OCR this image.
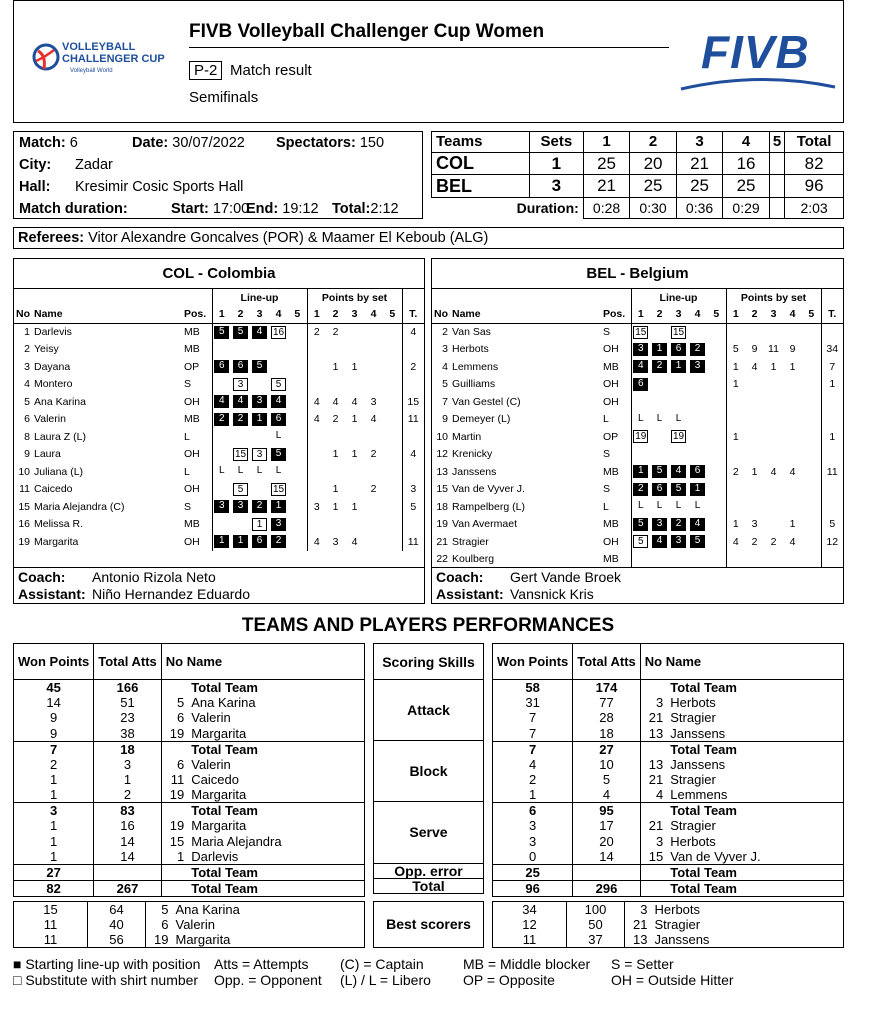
VOLLEYBALL
CHALLENGER CUP
Volleyball World
FIVB Volleyball Challenger Cup Women
P-2 Match result
Semifinals
FIVB
Match: 6	Date: 30/07/2022 Spectators: 150
City: Zadar
Hall: Kresimir Cosic Sports Hall
Match duration:	Start: 17:00
End: 19:12 Total:2:12
Teams	Sets	1	2	3	4	5	Total
COL	1	25	20	21	16		82
BEL	3	21	25	25	25		96
Duration:		0:28	0:30	0:36	0:29		2:03
Referees: Vitor Alexandre Goncalves (POR) & Maamer El Keboub (ALG)
COL - Colombia
			Line-up					Points by set					
No	Name	Pos.	1	2	3	4	5	1	2	3	4	5	T.
1	Darlevis	MB	5	5	4	16		2	2				4
2	Yeisy	MB											
3	Dayana	OP	6	6	5				1	1			2
4	Montero	S		3		5							
5	Ana Karina	OH	4	4	3	4		4	4	4	3		15
6	Valerin	MB	2	2	1	6		4	2	1	4		11
8	Laura Z (L)	L				L							
9	Laura	OH		15	3	5			1	1	2		4
10	Juliana (L)	L	L	L	L	L							
11	Caicedo	OH		5		15			1		2		3
15	Maria Alejandra (C)	S	3	3	2	1		3	1	1			5
16	Melissa R.	MB			1	3							
19	Margarita	OH	1	1	6	2		4	3	4			11
Coach: Antonio Rizola Neto
Assistant: Niño Hernandez Eduardo
BEL - Belgium
			Line-up					Points by set					
No	Name	Pos.	1	2	3	4	5	1	2	3	4	5	T.
2	Van Sas	S	15		15								
3	Herbots	OH	3	1	6	2		5	9	11	9		34
4	Lemmens	MB	4	2	1	3		1	4	1	1		7
5	Guilliams	OH	6					1					1
7	Van Gestel (C)	OH											
9	Demeyer (L)	L	L	L	L								
10	Martin	OP	19		19			1					1
12	Krenicky	S											
13	Janssens	MB	1	5	4	6		2	1	4	4		11
15	Van de Vyver J.	S	2	6	5	1							
18	Rampelberg (L)	L	L	L	L	L							
19	Van Avermaet	MB	5	3	2	4		1	3		1		5
21	Stragier	OH	5	4	3	5		4	2	2	4		12
22	Koulberg	MB											
Coach: Gert Vande Broek
Assistant: Vansnick Kris
TEAMS AND PLAYERS PERFORMANCES
Won Points	Total Atts	No Name	
45	166		Total Team
14	51	5	Ana Karina
9	23	6	Valerin
9	38	19	Margarita
7	18		Total Team
2	3	6	Valerin
1	1	11	Caicedo
1	2	19	Margarita
3	83		Total Team
1	16	19	Margarita
1	14	15	Maria Alejandra
1	14	1	Darlevis
27			Total Team
82	267		Total Team
Won Points	Total Atts	No Name	
58	174		Total Team
31	77	3	Herbots
7	28	21	Stragier
7	18	13	Janssens
7	27		Total Team
4	10	13	Janssens
2	5	21	Stragier
1	4	4	Lemmens
6	95		Total Team
3	17	21	Stragier
3	20	3	Herbots
0	14	15	Van de Vyver J.
25			Total Team
96	296		Total Team
Scoring Skills
Attack
Block
Serve
Opp. error
Total
15	64	5	Ana Karina
11	40	6	Valerin
11	56	19	Margarita
34	100	3	Herbots
12	50	21	Stragier
11	37	13	Janssens
Best scorers
■ Starting line-up with position
□ Substitute with shirt number
Atts = Attempts
Opp. = Opponent
(C) = Captain
(L) / L = Libero
MB = Middle blocker
OP = Opposite
S = Setter
OH = Outside Hitter
